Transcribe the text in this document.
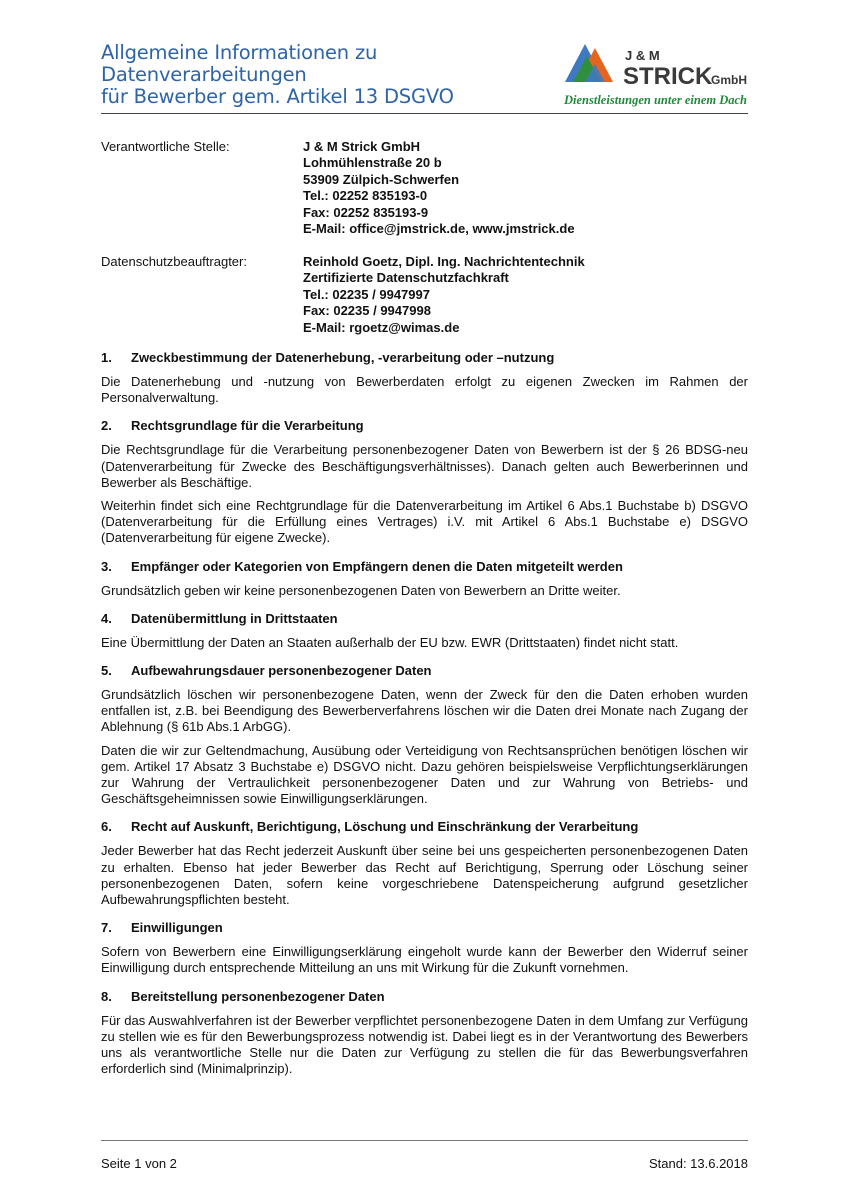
Allgemeine Informationen zu Datenverarbeitungen
für Bewerber gem. Artikel 13 DSGVO
J & M
STRICK
GmbH
Dienstleistungen unter einem Dach
Verantwortliche Stelle:	J & M Strick GmbH
Lohmühlenstraße 20 b
53909 Zülpich-Schwerfen
Tel.: 02252 835193-0
Fax: 02252 835193-9
E-Mail: office@jmstrick.de, www.jmstrick.de
Datenschutzbeauftragter:	Reinhold Goetz, Dipl. Ing. Nachrichtentechnik
Zertifizierte Datenschutzfachkraft
Tel.: 02235 / 9947997
Fax: 02235 / 9947998
E-Mail: rgoetz@wimas.de
1. Zweckbestimmung der Datenerhebung, -verarbeitung oder –nutzung

Die Datenerhebung und -nutzung von Bewerberdaten erfolgt zu eigenen Zwecken im Rahmen der Personalverwaltung.

2. Rechtsgrundlage für die Verarbeitung

Die Rechtsgrundlage für die Verarbeitung personenbezogener Daten von Bewerbern ist der § 26 BDSG-neu (Datenverarbeitung für Zwecke des Beschäftigungsverhältnisses). Danach gelten auch Bewerberinnen und Bewerber als Beschäftige.

Weiterhin findet sich eine Rechtgrundlage für die Datenverarbeitung im Artikel 6 Abs.1 Buchstabe b) DSGVO (Datenverarbeitung für die Erfüllung eines Vertrages) i.V. mit Artikel 6 Abs.1 Buchstabe e) DSGVO (Datenverarbeitung für eigene Zwecke).

3. Empfänger oder Kategorien von Empfängern denen die Daten mitgeteilt werden

Grundsätzlich geben wir keine personenbezogenen Daten von Bewerbern an Dritte weiter.

4. Datenübermittlung in Drittstaaten

Eine Übermittlung der Daten an Staaten außerhalb der EU bzw. EWR (Drittstaaten) findet nicht statt.

5. Aufbewahrungsdauer personenbezogener Daten

Grundsätzlich löschen wir personenbezogene Daten, wenn der Zweck für den die Daten erhoben wurden entfallen ist, z.B. bei Beendigung des Bewerberverfahrens löschen wir die Daten drei Monate nach Zugang der Ablehnung (§ 61b Abs.1 ArbGG).

Daten die wir zur Geltendmachung, Ausübung oder Verteidigung von Rechtsansprüchen benötigen löschen wir gem. Artikel 17 Absatz 3 Buchstabe e) DSGVO nicht. Dazu gehören beispielsweise Verpflichtungserklärungen zur Wahrung der Vertraulichkeit personenbezogener Daten und zur Wahrung von Betriebs- und Geschäftsgeheimnissen sowie Einwilligungserklärungen.

6. Recht auf Auskunft, Berichtigung, Löschung und Einschränkung der Verarbeitung

Jeder Bewerber hat das Recht jederzeit Auskunft über seine bei uns gespeicherten personenbezogenen Daten zu erhalten. Ebenso hat jeder Bewerber das Recht auf Berichtigung, Sperrung oder Löschung seiner personenbezogenen Daten, sofern keine vorgeschriebene Datenspeicherung aufgrund gesetzlicher Aufbewahrungspflichten besteht.

7. Einwilligungen

Sofern von Bewerbern eine Einwilligungserklärung eingeholt wurde kann der Bewerber den Widerruf seiner Einwilligung durch entsprechende Mitteilung an uns mit Wirkung für die Zukunft vornehmen.

8. Bereitstellung personenbezogener Daten

Für das Auswahlverfahren ist der Bewerber verpflichtet personenbezogene Daten in dem Umfang zur Verfügung zu stellen wie es für den Bewerbungsprozess notwendig ist. Dabei liegt es in der Verantwortung des Bewerbers uns als verantwortliche Stelle nur die Daten zur Verfügung zu stellen die für das Bewerbungsverfahren erforderlich sind (Minimalprinzip).

Seite 1 von 2	Stand: 13.6.2018
